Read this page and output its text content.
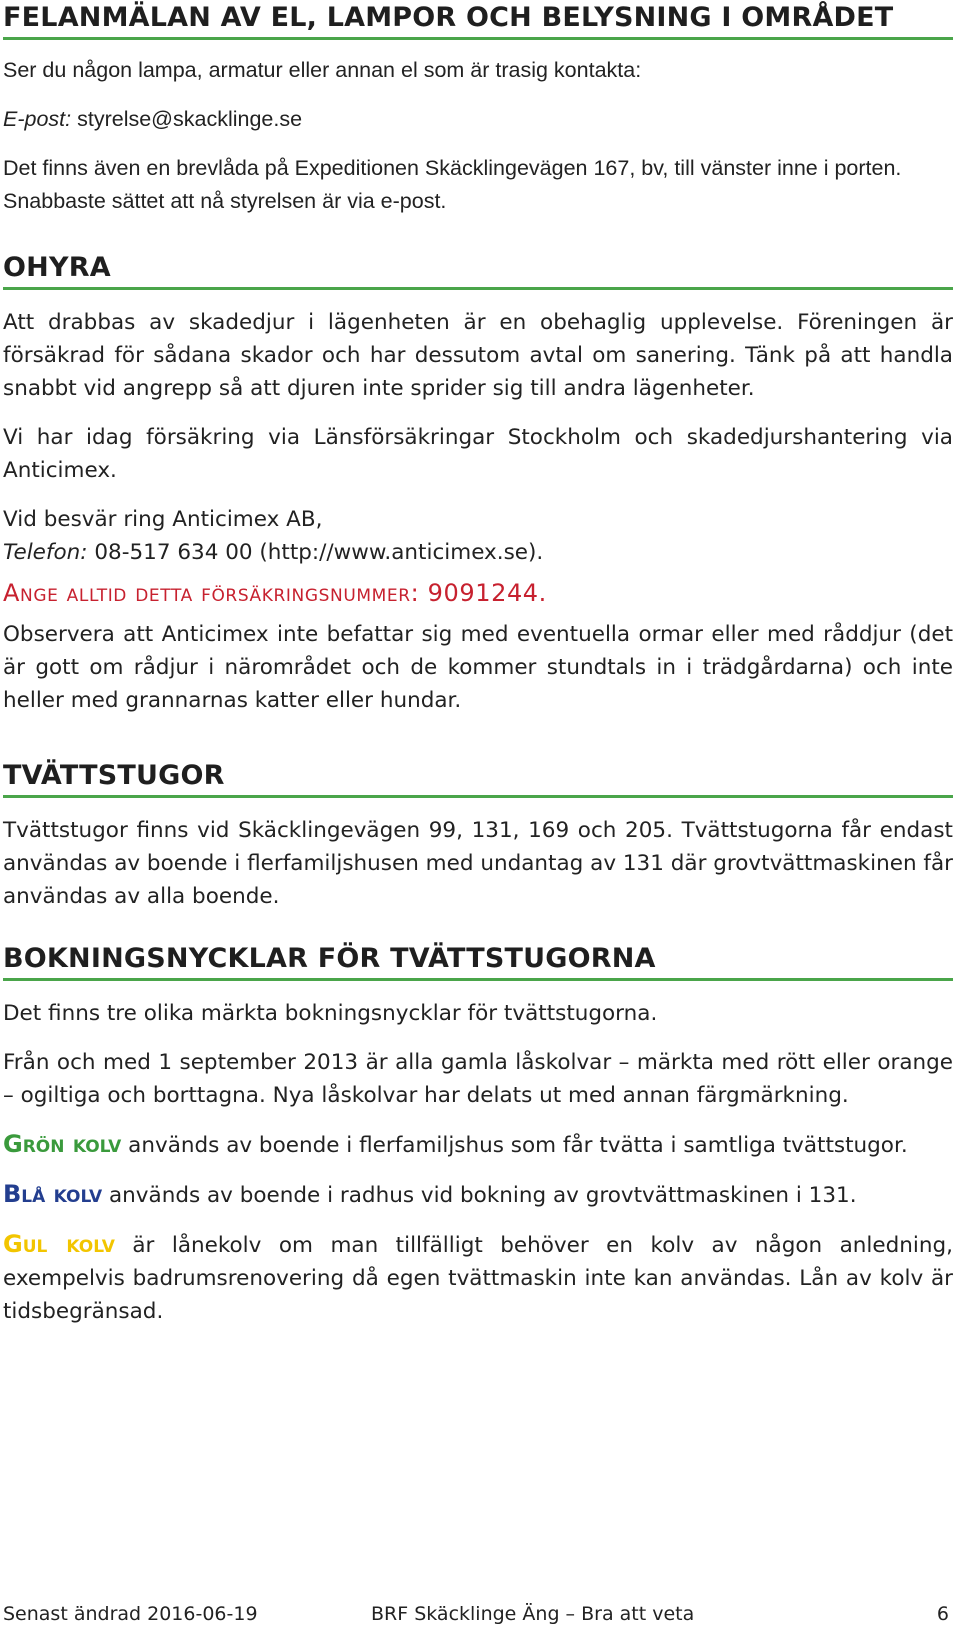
FELANMÄLAN AV EL, LAMPOR OCH BELYSNING I OMRÅDET

Ser du någon lampa, armatur eller annan el som är trasig kontakta:

E-post: styrelse@skacklinge.se

Det finns även en brevlåda på Expeditionen Skäcklingevägen 167, bv, till vänster inne i porten. Snabbaste sättet att nå styrelsen är via e-post.

OHYRA

Att drabbas av skadedjur i lägenheten är en obehaglig upplevelse. Föreningen är försäkrad för sådana skador och har dessutom avtal om sanering. Tänk på att handla snabbt vid angrepp så att djuren inte sprider sig till andra lägenheter.

Vi har idag försäkring via Länsförsäkringar Stockholm och skadedjurshantering via Anticimex.

Vid besvär ring Anticimex AB,
Telefon: 08-517 634 00 (http://www.anticimex.se).

Ange alltid detta försäkringsnummer: 9091244.

Observera att Anticimex inte befattar sig med eventuella ormar eller med råddjur (det är gott om rådjur i närområdet och de kommer stundtals in i trädgårdarna) och inte heller med grannarnas katter eller hundar.

TVÄTTSTUGOR

Tvättstugor finns vid Skäcklingevägen 99, 131, 169 och 205. Tvättstugorna får endast användas av boende i flerfamiljshusen med undantag av 131 där grovtvättmaskinen får användas av alla boende.

BOKNINGSNYCKLAR FÖR TVÄTTSTUGORNA

Det finns tre olika märkta bokningsnycklar för tvättstugorna.

Från och med 1 september 2013 är alla gamla låskolvar – märkta med rött eller orange – ogiltiga och borttagna. Nya låskolvar har delats ut med annan färgmärkning.

Grön kolv används av boende i flerfamiljshus som får tvätta i samtliga tvättstugor.

Blå kolv används av boende i radhus vid bokning av grovtvättmaskinen i 131.

Gul kolv är lånekolv om man tillfälligt behöver en kolv av någon anledning, exempelvis badrumsrenovering då egen tvättmaskin inte kan användas. Lån av kolv är tidsbegränsad.

Senast ändrad 2016-06-19	BRF Skäcklinge Äng – Bra att veta	6
